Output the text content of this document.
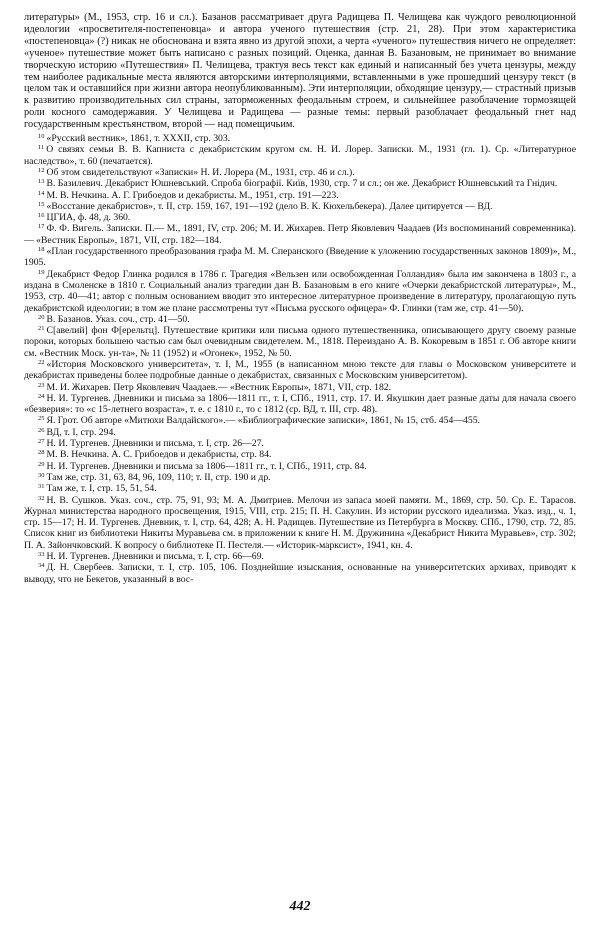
литературы» (М., 1953, стр. 16 и сл.). Базанов рассматривает друга Радищева П. Челищева как чуждого революционной идеологии «просветителя-постепеновца» и автора ученого путешествия (стр. 21, 28). При этом характеристика «постепеновца» (?) никак не обоснована и взята явно из другой эпохи, а черта «ученого» путешествия ничего не определяет: «ученое» путешествие может быть написано с разных позиций. Оценка, данная В. Базановым, не принимает во внимание творческую историю «Путешествия» П. Челищева, трактуя весь текст как единый и написанный без учета цензуры, между тем наиболее радикальные места являются авторскими интерполяциями, вставленными в уже прошедший цензуру текст (в целом так и оставшийся при жизни автора неопубликованным). Эти интерполяции, обходящие цензуру,— страстный призыв к развитию производительных сил страны, заторможенных феодальным строем, и сильнейшее разоблачение тормозящей роли косного самодержавия. У Челищева и Радищева — разные темы: первый разоблачает феодальный гнет над государственным крестьянством, второй — над помещичьим.

$^{10}$ «Русский вестник», 1861, т. XXXII, стр. 303.

$^{11}$ О связях семьи В. В. Капниста с декабристским кругом см. Н. И. Лорер. Записки. М., 1931 (гл. 1). Ср. «Литературное наследство», т. 60 (печатается).

$^{12}$ Об этом свидетельствуют «Записки» Н. И. Лорера (М., 1931, стр. 46 и сл.).

$^{13}$ В. Базилевич. Декабрист Юшневський. Спроба біографії. Київ, 1930, стр. 7 и сл.; он же. Декабрист Юшневський та Гнідич.

$^{14}$ М. В. Нечкина. А. Г. Грибоедов и декабристы. М., 1951, стр. 191—223.

$^{15}$ «Восстание декабристов», т. II, стр. 159, 167, 191—192 (дело В. К. Кюхельбекера). Далее цитируется — ВД.

$^{16}$ ЦГИА, ф. 48, д. 360.

$^{17}$ Ф. Ф. Вигель. Записки. П.— М., 1891, IV, стр. 206; М. И. Жихарев. Петр Яковлевич Чаадаев (Из воспоминаний современника).— «Вестник Европы», 1871, VII, стр. 182—184.

$^{18}$ «План государственного преобразования графа М. М. Сперанского (Введение к уложению государственных законов 1809)», М., 1905.

$^{19}$ Декабрист Федор Глинка родился в 1786 г. Трагедия «Вельзен или освобожденная Голландия» была им закончена в 1803 г., а издана в Смоленске в 1810 г. Социальный анализ трагедии дан В. Базановым в его книге «Очерки декабристской литературы», М., 1953, стр. 40—41; автор с полным основанием вводит это интересное литературное произведение в литературу, пролагающую путь декабристской идеологии; в том же плане рассмотрены тут «Письма русского офицера» Ф. Глинки (там же, стр. 41—50).

$^{20}$ В. Базанов. Указ. соч., стр. 41—50.

$^{21}$ С[авелий] фон Ф[ерельтц]. Путешествие критики или письма одного путешественника, описывающего другу своему разные пороки, которых большею частью сам был очевидным свидетелем. М., 1818. Переиздано А. В. Кокоревым в 1851 г. Об авторе книги см. «Вестник Моск. ун-та», № 11 (1952) и «Огонек», 1952, № 50.

$^{22}$ «История Московского университета», т. I, М., 1955 (в написанном мною тексте для главы о Московском университете и декабристах приведены более подробные данные о декабристах, связанных с Московским университетом).

$^{23}$ М. И. Жихарев. Петр Яковлевич Чаадаев.— «Вестник Европы», 1871, VII, стр. 182.

$^{24}$ Н. И. Тургенев. Дневники и письма за 1806—1811 гг., т. I, СПб., 1911, стр. 17. И. Якушкин дает разные даты для начала своего «безверия»: то «с 15-летнего возраста», т. е. с 1810 г., то с 1812 (ср. ВД, т. III, стр. 48).

$^{25}$ Я. Грот. Об авторе «Митюхи Валдайского».— «Библиографические записки», 1861, № 15, стб. 454—455.

$^{26}$ ВД, т. I, стр. 294.

$^{27}$ Н. И. Тургенев. Дневники и письма, т. I, стр. 26—27.

$^{28}$ М. В. Нечкина. А. С. Грибоедов и декабристы, стр. 84.

$^{29}$ Н. И. Тургенев. Дневники и письма за 1806—1811 гг., т. I, СПб., 1911, стр. 84.

$^{30}$ Там же, стр. 31, 63, 84, 96, 109, 110; т. II, стр. 190 и др.

$^{31}$ Там же, т. I, стр. 15, 51, 54.

$^{32}$ Н. В. Сушков. Указ. соч., стр. 75, 91, 93; М. А. Дмитриев. Мелочи из запаса моей памяти. М., 1869, стр. 50. Ср. Е. Тарасов. Журнал министерства народного просвещения, 1915, VIII, стр. 215; П. Н. Сакулин. Из истории русского идеализма. Указ. изд., ч. 1, стр. 15—17; Н. И. Тургенев. Дневник, т. I, стр. 64, 428; А. Н. Радищев. Путешествие из Петербурга в Москву. СПб., 1790, стр. 72, 85. Список книг из библиотеки Никиты Муравьева см. в приложении к книге Н. М. Дружинина «Декабрист Никита Муравьев», стр. 302; П. А. Зайончковский. К вопросу о библиотеке П. Пестеля.— «Историк-марксист», 1941, кн. 4.

$^{33}$ Н. И. Тургенев. Дневники и письма, т. I, стр. 66—69.

$^{34}$ Д. Н. Свербеев. Записки, т. I, стр. 105, 106. Позднейшие изыскания, основанные на университетских архивах, приводят к выводу, что не Бекетов, указанный в вос-

442
